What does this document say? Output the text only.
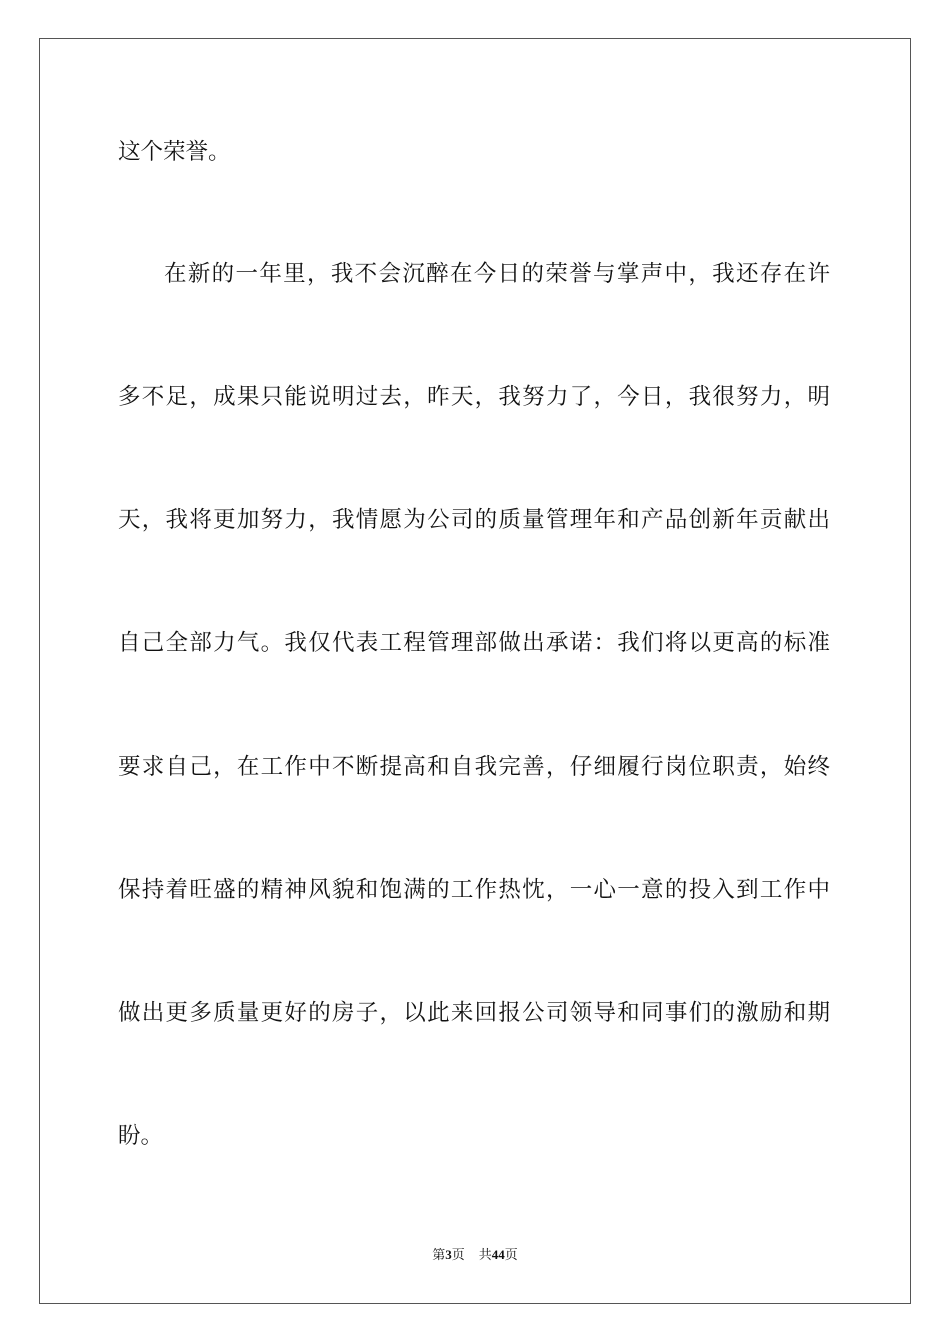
这个荣誉。
在新的一年里，我不会沉醉在今日的荣誉与掌声中，我还存在许
多不足，成果只能说明过去，昨天，我努力了，今日，我很努力，明
天，我将更加努力，我情愿为公司的质量管理年和产品创新年贡献出
自己全部力气。我仅代表工程管理部做出承诺：我们将以更高的标准
要求自己，在工作中不断提高和自我完善，仔细履行岗位职责，始终
保持着旺盛的精神风貌和饱满的工作热忱，一心一意的投入到工作中
做出更多质量更好的房子，以此来回报公司领导和同事们的激励和期
盼。
第3页 共44页
